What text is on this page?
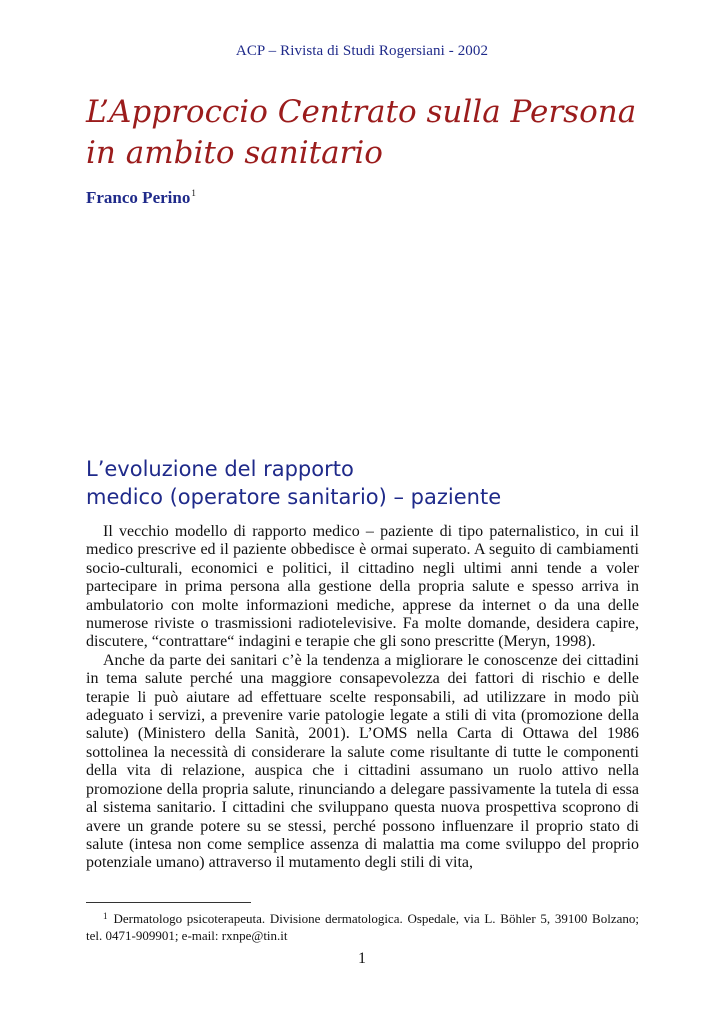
ACP – Rivista di Studi Rogersiani - 2002
L’Approccio Centrato sulla Persona
in ambito sanitario
Franco Perino$^1$
L’evoluzione del rapporto
medico (operatore sanitario) – paziente

Il vecchio modello di rapporto medico – paziente di tipo paternalistico, in cui il medico prescrive ed il paziente obbedisce è ormai superato. A seguito di cambiamenti socio-culturali, economici e politici, il cittadino negli ultimi anni tende a voler partecipare in prima persona alla gestione della propria salute e spesso arriva in ambulatorio con molte informazioni mediche, apprese da internet o da una delle numerose riviste o trasmissioni radiotelevisive. Fa molte domande, desidera capire, discutere, “contrattare“ indagini e terapie che gli sono prescritte (Meryn, 1998).

Anche da parte dei sanitari c’è la tendenza a migliorare le conoscenze dei cittadini in tema salute perché una maggiore consapevolezza dei fattori di rischio e delle terapie li può aiutare ad effettuare scelte responsabili, ad utilizzare in modo più adeguato i servizi, a prevenire varie patologie legate a stili di vita (promozione della salute) (Ministero della Sanità, 2001). L’OMS nella Carta di Ottawa del 1986 sottolinea la necessità di considerare la salute come risultante di tutte le componenti della vita di relazione, auspica che i cittadini assumano un ruolo attivo nella promozione della propria salute, rinunciando a delegare passivamente la tutela di essa al sistema sanitario. I cittadini che sviluppano questa nuova prospettiva scoprono di avere un grande potere su se stessi, perché possono influenzare il proprio stato di salute (intesa non come semplice assenza di malattia ma come sviluppo del proprio potenziale umano) attraverso il mutamento degli stili di vita,

$^1$ Dermatologo psicoterapeuta. Divisione dermatologica. Ospedale, via L. Böhler 5, 39100 Bolzano; tel. 0471-909901; e-mail: rxnpe@tin.it
1
